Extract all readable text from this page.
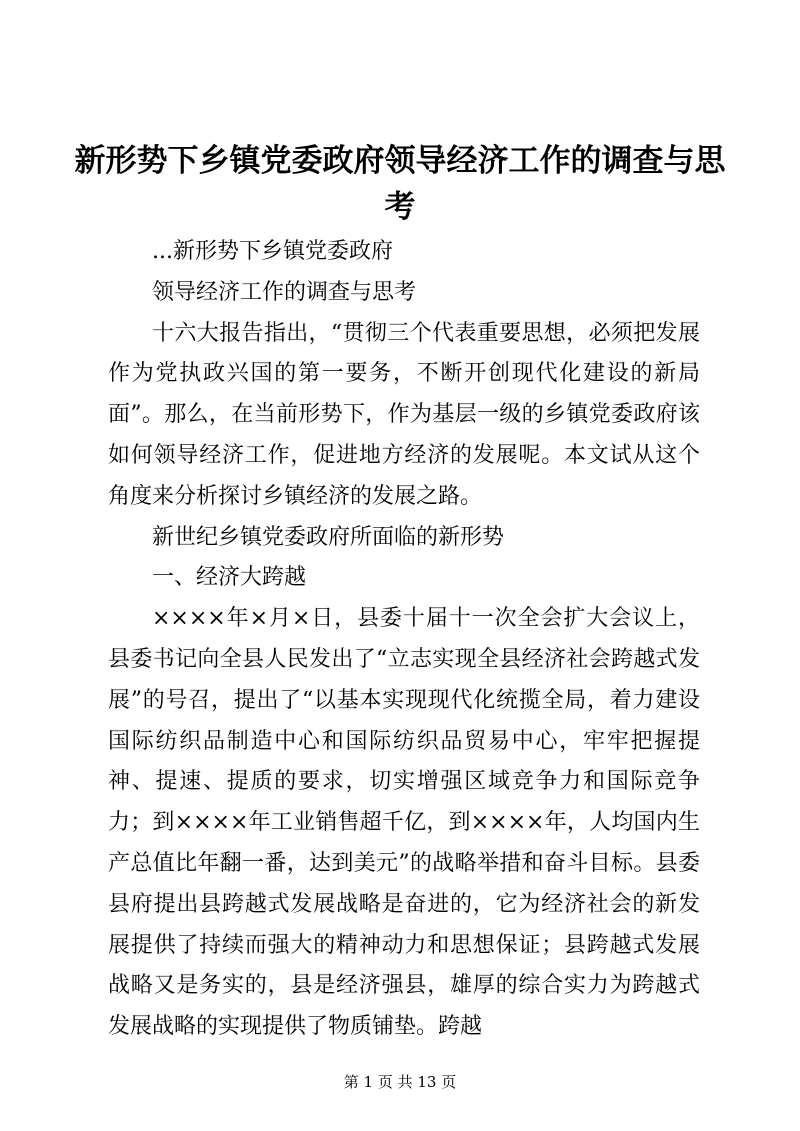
新形势下乡镇党委政府领导经济工作的调查与思考

...新形势下乡镇党委政府

领导经济工作的调查与思考

十六大报告指出，“贯彻三个代表重要思想，必须把发展作为党执政兴国的第一要务，不断开创现代化建设的新局面”。那么，在当前形势下，作为基层一级的乡镇党委政府该如何领导经济工作，促进地方经济的发展呢。本文试从这个角度来分析探讨乡镇经济的发展之路。

新世纪乡镇党委政府所面临的新形势

一、经济大跨越

××××年×月×日，县委十届十一次全会扩大会议上，县委书记向全县人民发出了“立志实现全县经济社会跨越式发展”的号召，提出了“以基本实现现代化统揽全局，着力建设国际纺织品制造中心和国际纺织品贸易中心，牢牢把握提神、提速、提质的要求，切实增强区域竞争力和国际竞争力；到××××年工业销售超千亿，到××××年，人均国内生产总值比年翻一番，达到美元”的战略举措和奋斗目标。县委县府提出县跨越式发展战略是奋进的，它为经济社会的新发展提供了持续而强大的精神动力和思想保证；县跨越式发展战略又是务实的，县是经济强县，雄厚的综合实力为跨越式发展战略的实现提供了物质铺垫。跨越

第 1 页 共 13 页
